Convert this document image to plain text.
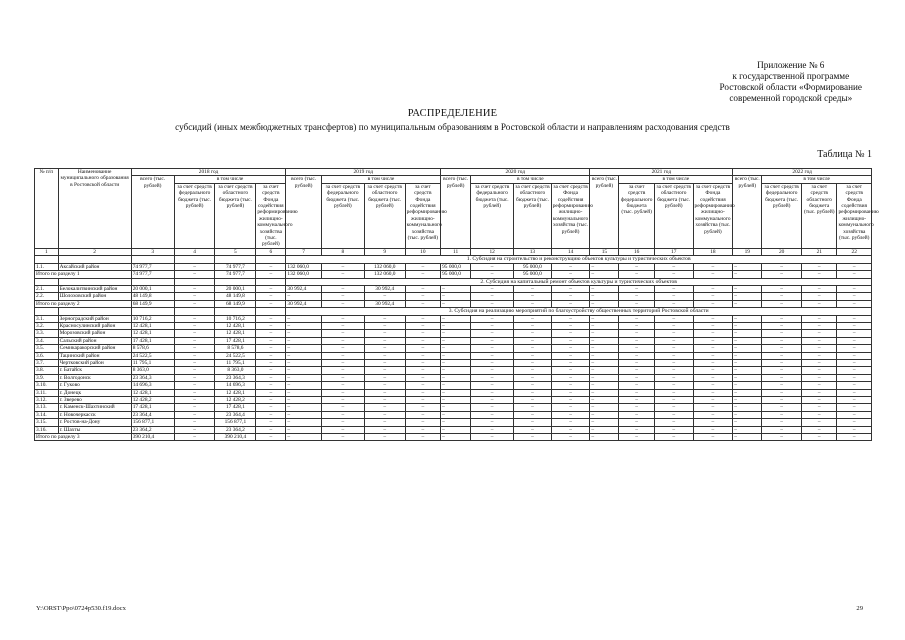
Приложение № 6
к государственной программе
Ростовской области «Формирование
современной городской среды»
РАСПРЕДЕЛЕНИЕ
субсидий (иных межбюджетных трансфертов) по муниципальным образованиям в Ростовской области и направлениям расходования средств
Таблица № 1
№ п/п	Наименование муниципального образования в Ростовской области	2018 год				2019 год				2020 год				2021 год				2022 год			
		всего (тыс. рублей)	в том числе			всего (тыс. рублей)	в том числе			всего (тыс. рублей)	в том числе			всего (тыс. рублей)	в том числе			всего (тыс. рублей)	в том числе		
			за счет средств федерального бюджета (тыс. рублей)	за счет средств областного бюджета (тыс. рублей)	за счет средств Фонда содействия реформированию жилищно-коммунального хозяйства (тыс. рублей)		за счет средств федерального бюджета (тыс. рублей)	за счет средств областного бюджета (тыс. рублей)	за счет средств Фонда содействия реформированию жилищно-коммунального хозяйства (тыс. рублей)		за счет средств федерального бюджета (тыс. рублей)	за счет средств областного бюджета (тыс. рублей)	за счет средств Фонда содействия реформированию жилищно-коммунального хозяйства (тыс. рублей)		за счет средств федерального бюджета (тыс. рублей)	за счет средств областного бюджета (тыс. рублей)	за счет средств Фонда содействия реформированию жилищно-коммунального хозяйства (тыс. рублей)		за счет средств федерального бюджета (тыс. рублей)	за счет средств областного бюджета (тыс. рублей)	за счет средств Фонда содействия реформированию жилищно-коммунального хозяйства (тыс. рублей)
1	2	3	4	5	6	7	8	9	10	11	12	13	14	15	16	17	18	19	20	21	22
						1. Субсидия на строительство и реконструкцию объектов культуры и туристических объектов															
1.1.	Аксайский район	74 977,7	–	74 977,7	–	132 060,0	–	132 060,0	–	95 000,0	–	95 000,0	–	–	–	–	–	–	–	–	–
Итого по разделу 1		74 977,7	–	74 977,7	–	132 060,0	–	132 060,0	–	95 000,0	–	95 000,0	–	–	–	–	–	–	–	–	–
						2. Субсидия на капитальный ремонт объектов культуры и туристических объектов															
2.1.	Белокалитвинский район	20 000,1	–	20 000,1	–	30 992,4	–	30 992,4	–	–	–	–	–	–	–	–	–	–	–	–	–
2.2.	Шолоховский район	48 149,8	–	48 149,8	–	–	–	–	–	–	–	–	–	–	–	–	–	–	–	–	–
Итого по разделу 2		68 149,9	–	68 149,9	–	30 992,4	–	30 992,4	–	–	–	–	–	–	–	–	–	–	–	–	–
						3. Субсидия на реализацию мероприятий по благоустройству общественных территорий Ростовской области															
3.1.	Зерноградский район	10 716,2	–	10 716,2	–	–	–	–	–	–	–	–	–	–	–	–	–	–	–	–	–
3.2.	Красносулинский район	12 428,1	–	12 428,1	–	–	–	–	–	–	–	–	–	–	–	–	–	–	–	–	–
3.3.	Морозовский район	12 428,1	–	12 428,1	–	–	–	–	–	–	–	–	–	–	–	–	–	–	–	–	–
3.4.	Сальский район	17 428,1	–	17 428,1	–	–	–	–	–	–	–	–	–	–	–	–	–	–	–	–	–
3.5.	Семикаракорский район	8 578,6	–	8 578,6	–	–	–	–	–	–	–	–	–	–	–	–	–	–	–	–	–
3.6.	Тацинский район	24 522,5	–	24 522,5	–	–	–	–	–	–	–	–	–	–	–	–	–	–	–	–	–
3.7.	Чертковский район	11 795,1	–	11 795,1	–	–	–	–	–	–	–	–	–	–	–	–	–	–	–	–	–
3.8.	г. Батайск	8 363,0	–	8 363,0	–	–	–	–	–	–	–	–	–	–	–	–	–	–	–	–	–
3.9.	г. Волгодонск	23 364,3	–	23 364,3	–	–	–	–	–	–	–	–	–	–	–	–	–	–	–	–	–
3.10.	г. Гуково	14 696,3	–	14 696,3	–	–	–	–	–	–	–	–	–	–	–	–	–	–	–	–	–
3.11.	г. Донецк	12 428,1	–	12 428,1	–	–	–	–	–	–	–	–	–	–	–	–	–	–	–	–	–
3.12.	г. Зверево	12 428,2	–	12 428,2	–	–	–	–	–	–	–	–	–	–	–	–	–	–	–	–	–
3.13.	г. Каменск-Шахтинский	17 428,1	–	17 428,1	–	–	–	–	–	–	–	–	–	–	–	–	–	–	–	–	–
3.14.	г. Новочеркасск	23 364,4	–	23 364,4	–	–	–	–	–	–	–	–	–	–	–	–	–	–	–	–	–
3.15.	г. Ростов-на-Дону	156 877,1	–	156 877,1	–	–	–	–	–	–	–	–	–	–	–	–	–	–	–	–	–
3.16.	г. Шахты	23 364,2	–	23 364,2	–	–	–	–	–	–	–	–	–	–	–	–	–	–	–	–	–
Итого по разделу 3		390 210,4	–	390 210,4	–	–	–	–	–	–	–	–	–	–	–	–	–	–	–	–	–
Y:\ORST\Ppo\0724p530.f19.docx	29
